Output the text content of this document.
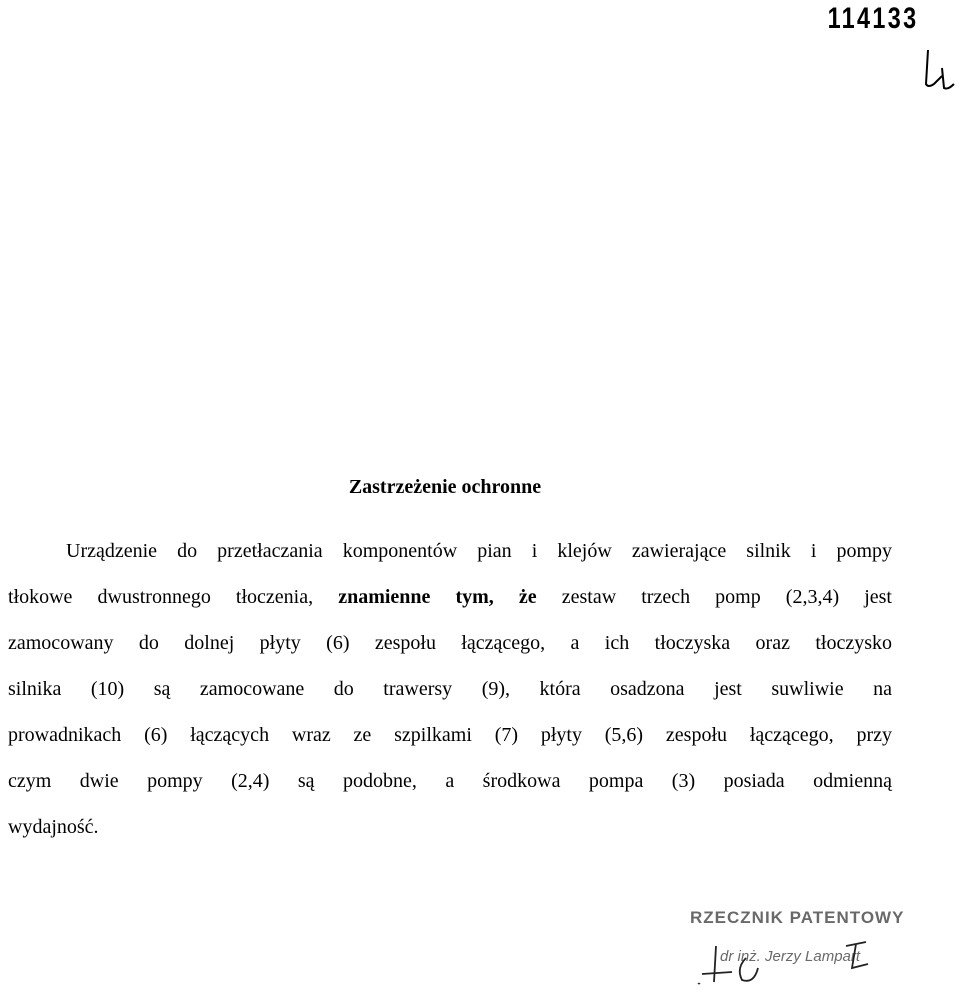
114133
Zastrzeżenie ochronne
Urządzenie do przetłaczania komponentów pian i klejów zawierające silnik i pompy
tłokowe dwustronnego tłoczenia, znamienne tym, że zestaw trzech pomp (2,3,4) jest
zamocowany do dolnej płyty (6) zespołu łączącego, a ich tłoczyska oraz tłoczysko
silnika (10) są zamocowane do trawersy (9), która osadzona jest suwliwie na
prowadnikach (6) łączących wraz ze szpilkami (7) płyty (5,6) zespołu łączącego, przy
czym dwie pompy (2,4) są podobne, a środkowa pompa (3) posiada odmienną
wydajność.
RZECZNIK PATENTOWY
dr inż. Jerzy Lampart
